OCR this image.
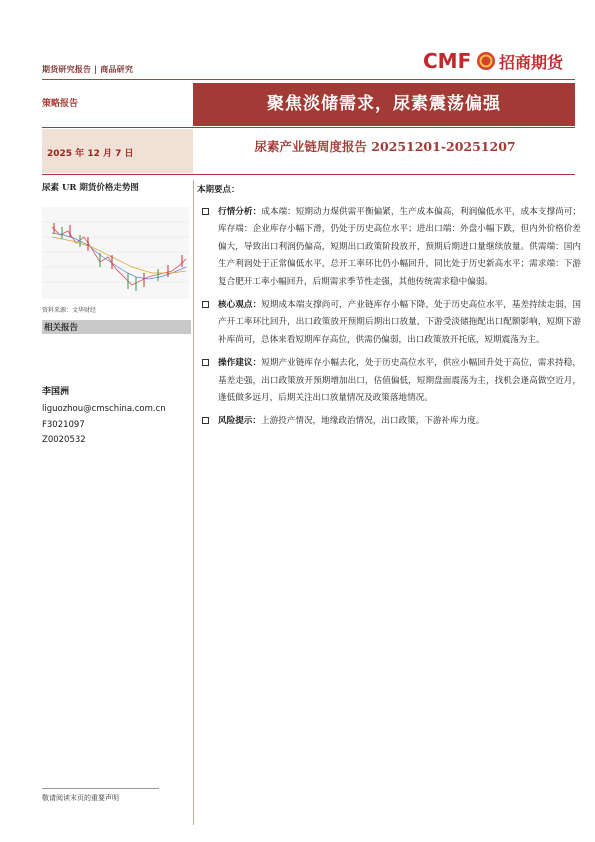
期货研究报告 | 商品研究	CMF 招商期货
策略报告	聚焦淡储需求，尿素震荡偏强
2025 年 12 月 7 日	尿素产业链周度报告 20251201-20251207
尿素 UR 期货价格走势图
资料来源：文华财经
相关报告
李国洲
liguozhou@cmschina.com.cn
F3021097
Z0020532
本期要点：
行情分析：成本端：短期动力煤供需平衡偏紧，生产成本偏高，利润偏低水平，成本支撑尚可；库存端：企业库存小幅下滑，仍处于历史高位水平；进出口端：外盘小幅下跌，但内外价格价差偏大，导致出口利润仍偏高，短期出口政策阶段放开，预期后期进口量继续放量。供需端：国内生产利润处于正常偏低水平，总开工率环比仍小幅回升，同比处于历史新高水平；需求端：下游复合肥开工率小幅回升，后期需求季节性走强，其他传统需求稳中偏弱。
核心观点：短期成本端支撑尚可，产业链库存小幅下降，处于历史高位水平，基差持续走弱，国产开工率环比回升，出口政策放开预期后期出口放量，下游受淡储拖配出口配额影响，短期下游补库尚可，总体来看短期库存高位，供需仍偏弱，出口政策放开托底，短期震荡为主。
操作建议：短期产业链库存小幅去化，处于历史高位水平，供应小幅回升处于高位，需求持稳，基差走强，出口政策放开预期增加出口，估值偏低，短期盘面震荡为主，找机会逢高做空近月，逢低做多远月，后期关注出口放量情况及政策落地情况。
风险提示：上游投产情况，地缘政治情况，出口政策，下游补库力度。
敬请阅读末页的重要声明
